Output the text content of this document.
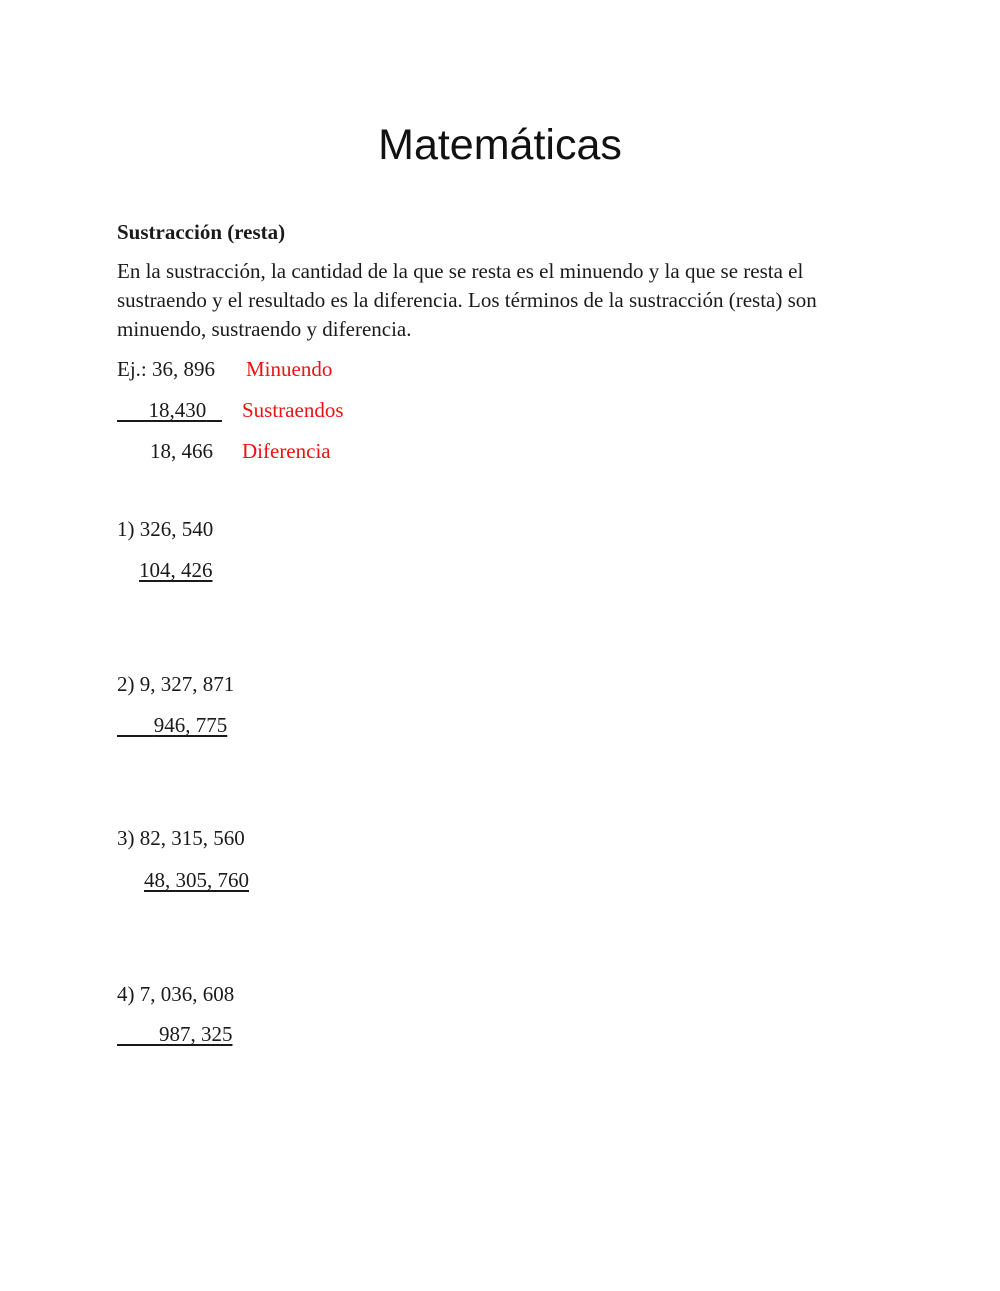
Matemáticas
Sustracción (resta)
En la sustracción, la cantidad de la que se resta es el minuendo y la que se resta el
sustraendo y el resultado es la diferencia. Los términos de la sustracción (resta) son
minuendo, sustraendo y diferencia.
Ej.: 36, 896 Minuendo
18,430	Sustraendos
18, 466 Diferencia
1) 326, 540
104, 426
2) 9, 327, 871
946, 775
3) 82, 315, 560
48, 305, 760
4) 7, 036, 608
987, 325
